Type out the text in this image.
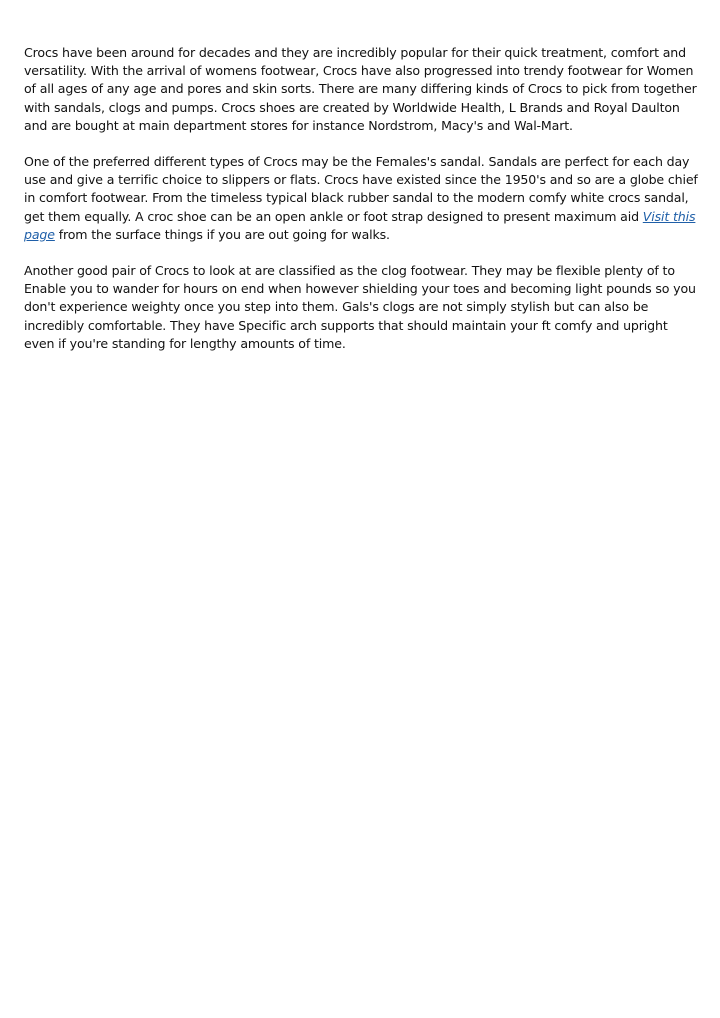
Crocs have been around for decades and they are incredibly popular for their quick treatment, comfort and versatility. With the arrival of womens footwear, Crocs have also progressed into trendy footwear for Women of all ages of any age and pores and skin sorts. There are many differing kinds of Crocs to pick from together with sandals, clogs and pumps. Crocs shoes are created by Worldwide Health, L Brands and Royal Daulton and are bought at main department stores for instance Nordstrom, Macy's and Wal-Mart.

One of the preferred different types of Crocs may be the Females's sandal. Sandals are perfect for each day use and give a terrific choice to slippers or flats. Crocs have existed since the 1950's and so are a globe chief in comfort footwear. From the timeless typical black rubber sandal to the modern comfy white crocs sandal, get them equally. A croc shoe can be an open ankle or foot strap designed to present maximum aid Visit this page from the surface things if you are out going for walks.

Another good pair of Crocs to look at are classified as the clog footwear. They may be flexible plenty of to Enable you to wander for hours on end when however shielding your toes and becoming light pounds so you don't experience weighty once you step into them. Gals's clogs are not simply stylish but can also be incredibly comfortable. They have Specific arch supports that should maintain your ft comfy and upright even if you're standing for lengthy amounts of time.
